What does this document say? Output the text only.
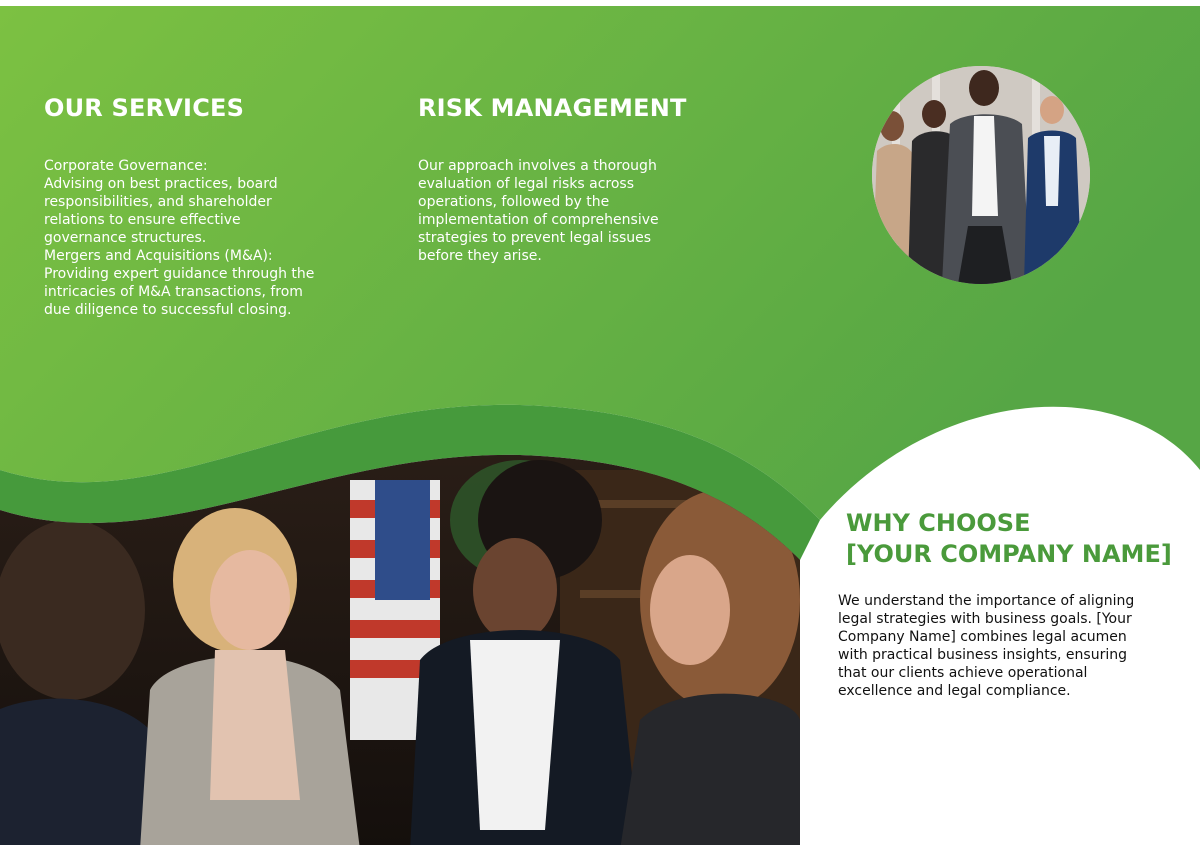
OUR SERVICES

Corporate Governance:

Advising on best practices, board responsibilities, and shareholder relations to ensure effective governance structures.

Mergers and Acquisitions (M&A):

Providing expert guidance through the intricacies of M&A transactions, from due diligence to successful closing.

RISK MANAGEMENT

Our approach involves a thorough evaluation of legal risks across operations, followed by the implementation of comprehensive strategies to prevent legal issues before they arise.

WHY CHOOSE
[YOUR COMPANY NAME]

We understand the importance of aligning legal strategies with business goals. [Your Company Name] combines legal acumen with practical business insights, ensuring that our clients achieve operational excellence and legal compliance.
